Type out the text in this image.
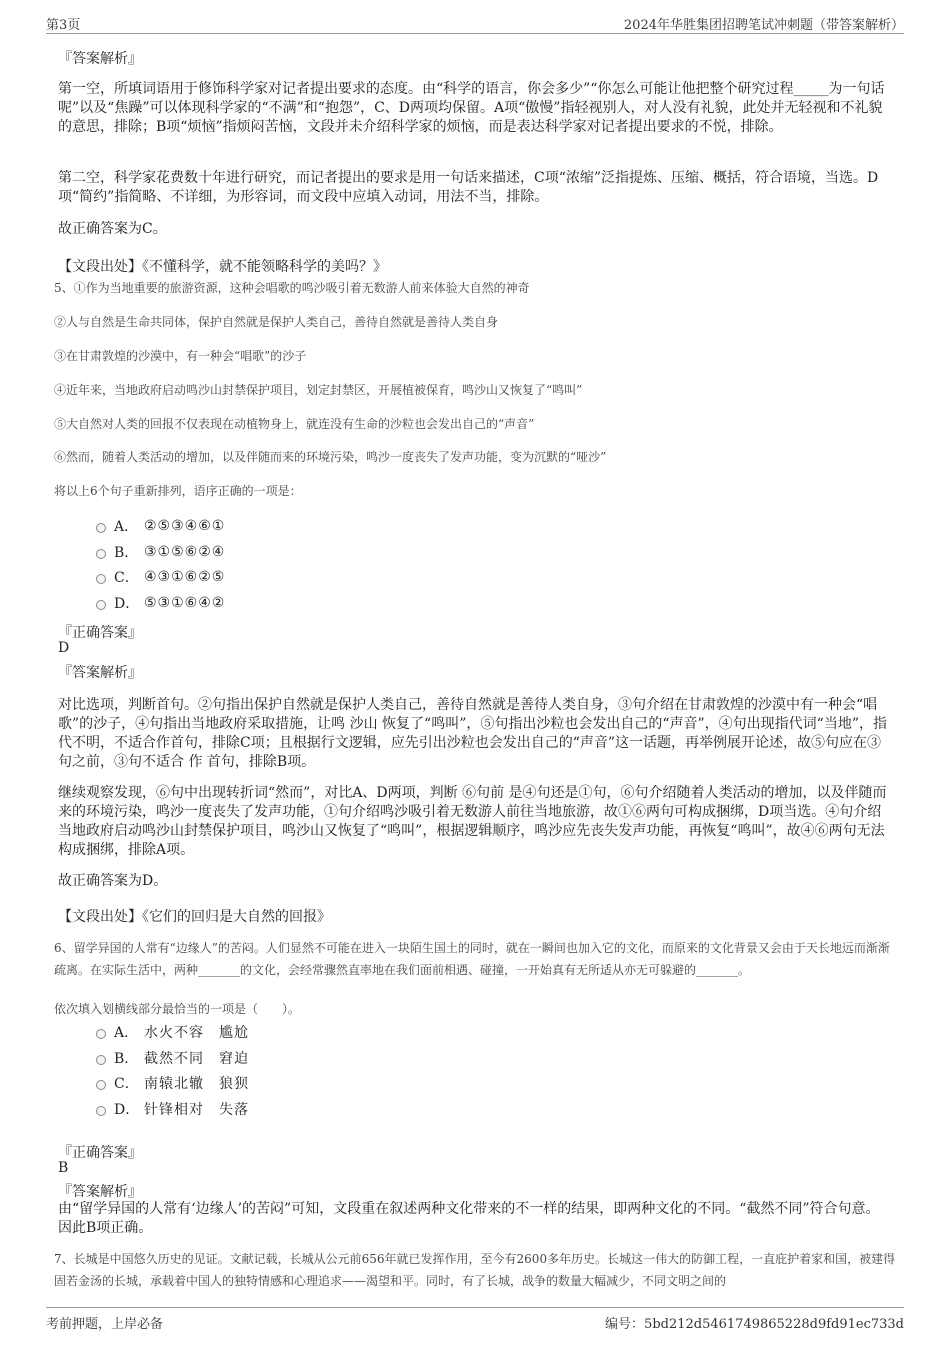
第3页	2024年华胜集团招聘笔试冲刺题（带答案解析）
『答案解析』
第一空，所填词语用于修饰科学家对记者提出要求的态度。由“科学的语言，你会多少”“你怎么可能让他把整个研究过程_____为一句话呢”以及“焦躁”可以体现科学家的“不满”和“抱怨”，C、D两项均保留。A项“傲慢”指轻视别人，对人没有礼貌，此处并无轻视和不礼貌的意思，排除；B项“烦恼”指烦闷苦恼，文段并未介绍科学家的烦恼，而是表达科学家对记者提出要求的不悦，排除。
第二空，科学家花费数十年进行研究，而记者提出的要求是用一句话来描述，C项“浓缩”泛指提炼、压缩、概括，符合语境，当选。D项“简约”指简略、不详细，为形容词，而文段中应填入动词，用法不当，排除。
故正确答案为C。
【文段出处】《不懂科学，就不能领略科学的美吗？》
5、①作为当地重要的旅游资源，这种会唱歌的鸣沙吸引着无数游人前来体验大自然的神奇
②人与自然是生命共同体，保护自然就是保护人类自己，善待自然就是善待人类自身
③在甘肃敦煌的沙漠中，有一种会“唱歌”的沙子
④近年来，当地政府启动鸣沙山封禁保护项目，划定封禁区，开展植被保育，鸣沙山又恢复了“鸣叫”
⑤大自然对人类的回报不仅表现在动植物身上，就连没有生命的沙粒也会发出自己的“声音”
⑥然而，随着人类活动的增加，以及伴随而来的环境污染，鸣沙一度丧失了发声功能，变为沉默的“哑沙”
将以上6个句子重新排列，语序正确的一项是：
A． ②⑤③④⑥①
B． ③①⑤⑥②④
C． ④③①⑥②⑤
D． ⑤③①⑥④②
『正确答案』
D
『答案解析』
对比选项，判断首句。②句指出保护自然就是保护人类自己，善待自然就是善待人类自身，③句介绍在甘肃敦煌的沙漠中有一种会“唱歌”的沙子，④句指出当地政府采取措施，让鸣 沙山 恢复了“鸣叫”，⑤句指出沙粒也会发出自己的“声音”，④句出现指代词“当地”，指代不明，不适合作首句，排除C项；且根据行文逻辑，应先引出沙粒也会发出自己的“声音”这一话题，再举例展开论述，故⑤句应在③句之前，③句不适合 作 首句，排除B项。
继续观察发现，⑥句中出现转折词“然而”，对比A、D两项，判断 ⑥句前 是④句还是①句，⑥句介绍随着人类活动的增加，以及伴随而来的环境污染，鸣沙一度丧失了发声功能，①句介绍鸣沙吸引着无数游人前往当地旅游，故①⑥两句可构成捆绑，D项当选。④句介绍当地政府启动鸣沙山封禁保护项目，鸣沙山又恢复了“鸣叫”，根据逻辑顺序，鸣沙应先丧失发声功能，再恢复“鸣叫”，故④⑥两句无法构成捆绑，排除A项。
故正确答案为D。
【文段出处】《它们的回归是大自然的回报》
6、留学异国的人常有“边缘人”的苦闷。人们显然不可能在进入一块陌生国土的同时，就在一瞬间也加入它的文化，而原来的文化背景又会由于天长地远而渐渐疏离。在实际生活中，两种_______的文化，会经常骤然直率地在我们面前相遇、碰撞，一开始真有无所适从亦无可躲避的_______。
依次填入划横线部分最恰当的一项是（　　）。
A． 水火不容　尴尬
B． 截然不同　窘迫
C． 南辕北辙　狼狈
D． 针锋相对　失落
『正确答案』
B
『答案解析』
由“留学异国的人常有‘边缘人’的苦闷”可知，文段重在叙述两种文化带来的不一样的结果，即两种文化的不同。“截然不同”符合句意。因此B项正确。
7、长城是中国悠久历史的见证。文献记载，长城从公元前656年就已发挥作用，至今有2600多年历史。长城这一伟大的防御工程，一直庇护着家和国，被建得固若金汤的长城，承载着中国人的独特情感和心理追求——渴望和平。同时，有了长城，战争的数量大幅减少，不同文明之间的
考前押题，上岸必备	编号：5bd212d5461749865228d9fd91ec733d
